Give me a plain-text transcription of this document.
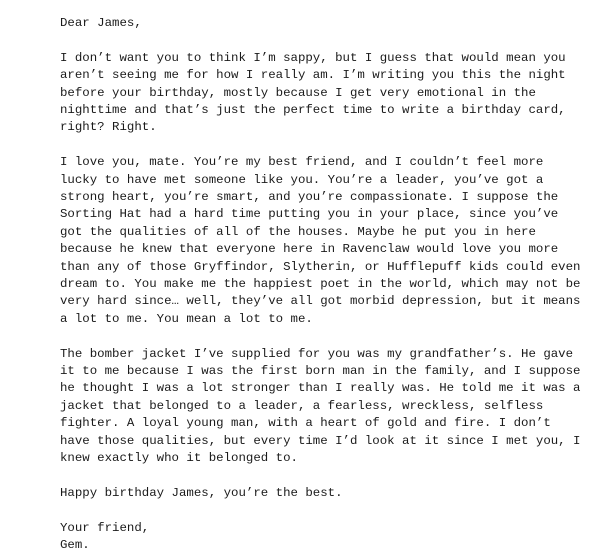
Dear James,

I don’t want you to think I’m sappy, but I guess that would mean you
aren’t seeing me for how I really am. I’m writing you this the night
before your birthday, mostly because I get very emotional in the
nighttime and that’s just the perfect time to write a birthday card,
right? Right.

I love you, mate. You’re my best friend, and I couldn’t feel more
lucky to have met someone like you. You’re a leader, you’ve got a
strong heart, you’re smart, and you’re compassionate. I suppose the
Sorting Hat had a hard time putting you in your place, since you’ve
got the qualities of all of the houses. Maybe he put you in here
because he knew that everyone here in Ravenclaw would love you more
than any of those Gryffindor, Slytherin, or Hufflepuff kids could even
dream to. You make me the happiest poet in the world, which may not be
very hard since… well, they’ve all got morbid depression, but it means
a lot to me. You mean a lot to me.

The bomber jacket I’ve supplied for you was my grandfather’s. He gave
it to me because I was the first born man in the family, and I suppose
he thought I was a lot stronger than I really was. He told me it was a
jacket that belonged to a leader, a fearless, wreckless, selfless
fighter. A loyal young man, with a heart of gold and fire. I don’t
have those qualities, but every time I’d look at it since I met you, I
knew exactly who it belonged to.

Happy birthday James, you’re the best.

Your friend,
Gem.
